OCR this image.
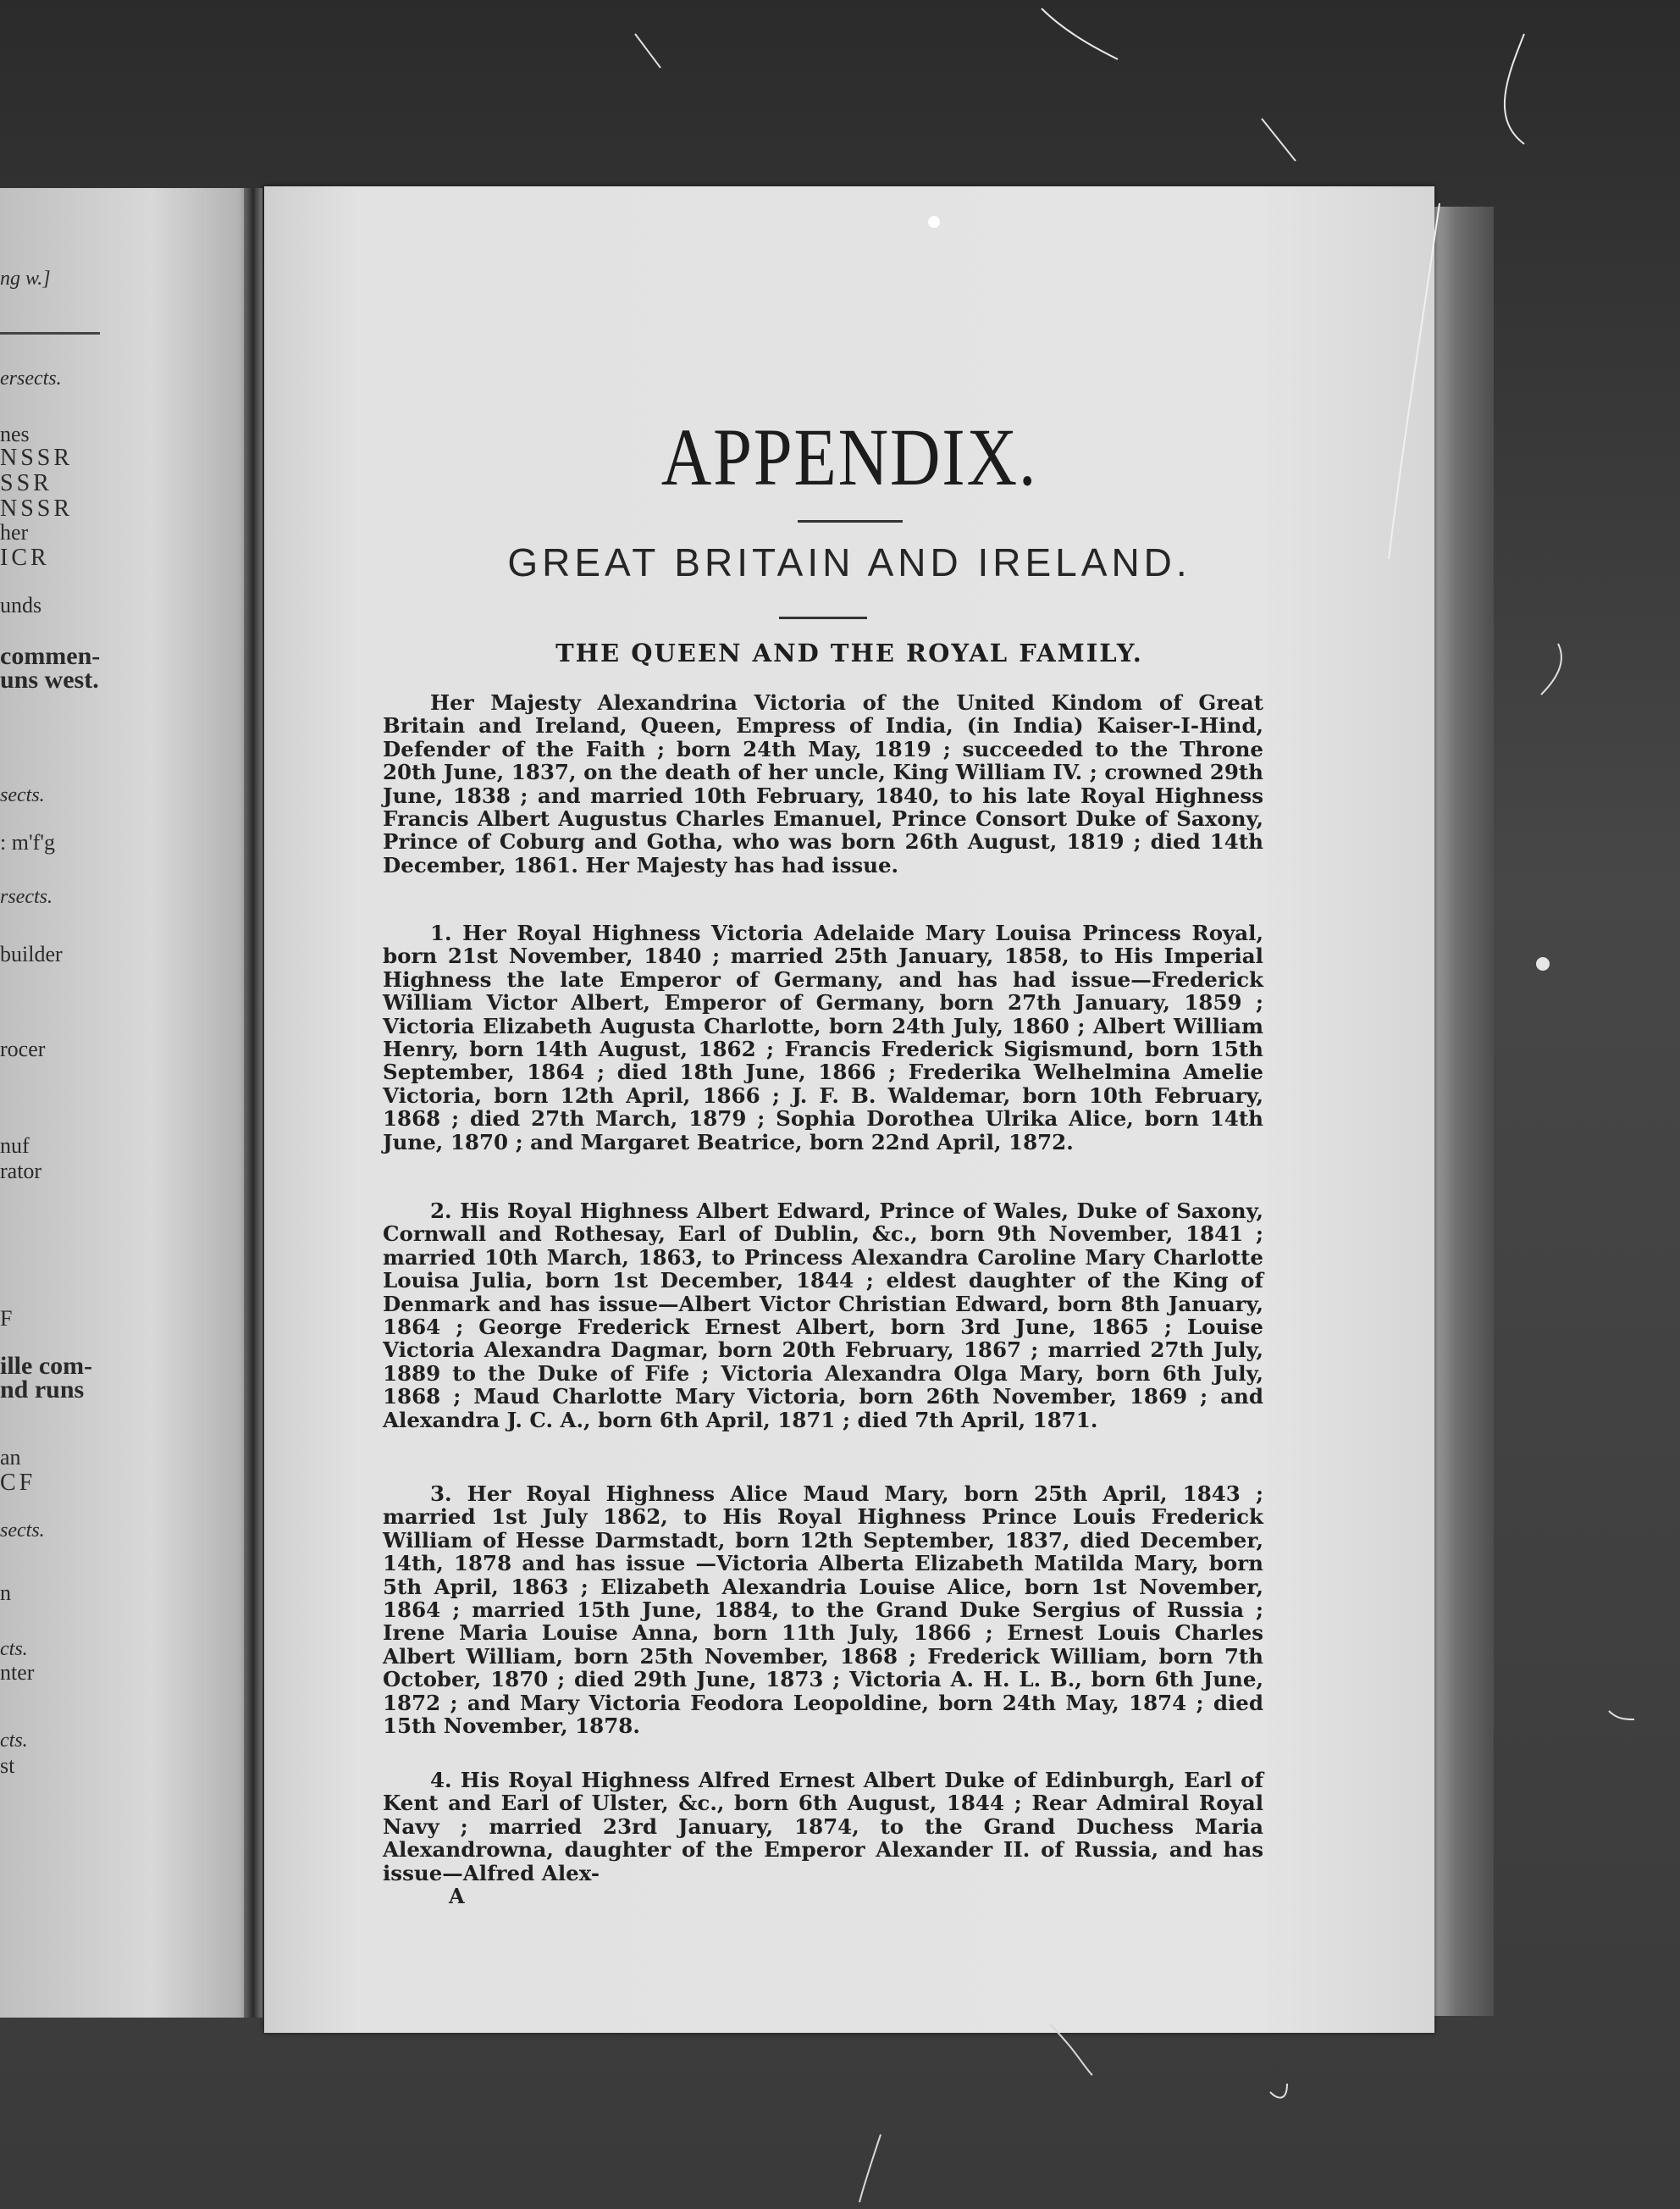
ng w.]
ersects.
nes
NSSR
SSR
NSSR
her
ICR
unds
commen-
uns west.
sects.
: m'f'g
rsects.
builder
rocer
nuf
rator
F
ille com-
nd runs
an
CF
sects.
n
cts.
nter
cts.
st
APPENDIX.
GREAT BRITAIN AND IRELAND.
THE QUEEN AND THE ROYAL FAMILY.
Her Majesty Alexandrina Victoria of the United Kindom of Great Britain and Ireland, Queen, Empress of India, (in India) Kaiser-I-Hind, Defender of the Faith ; born 24th May, 1819 ; succeeded to the Throne 20th June, 1837, on the death of her uncle, King William IV. ; crowned 29th June, 1838 ; and married 10th February, 1840, to his late Royal Highness Francis Albert Augustus Charles Emanuel, Prince Consort Duke of Saxony, Prince of Coburg and Gotha, who was born 26th August, 1819 ; died 14th December, 1861. Her Majesty has had issue.
1. Her Royal Highness Victoria Adelaide Mary Louisa Princess Royal, born 21st November, 1840 ; married 25th January, 1858, to His Imperial Highness the late Emperor of Germany, and has had issue—Frederick William Victor Albert, Emperor of Germany, born 27th January, 1859 ; Victoria Elizabeth Augusta Charlotte, born 24th July, 1860 ; Albert William Henry, born 14th August, 1862 ; Francis Frederick Sigismund, born 15th September, 1864 ; died 18th June, 1866 ; Frederika Welhelmina Amelie Victoria, born 12th April, 1866 ; J. F. B. Waldemar, born 10th February, 1868 ; died 27th March, 1879 ; Sophia Dorothea Ulrika Alice, born 14th June, 1870 ; and Margaret Beatrice, born 22nd April, 1872.
2. His Royal Highness Albert Edward, Prince of Wales, Duke of Saxony, Cornwall and Rothesay, Earl of Dublin, &c., born 9th November, 1841 ; married 10th March, 1863, to Princess Alexandra Caroline Mary Charlotte Louisa Julia, born 1st December, 1844 ; eldest daughter of the King of Denmark and has issue—Albert Victor Christian Edward, born 8th January, 1864 ; George Frederick Ernest Albert, born 3rd June, 1865 ; Louise Victoria Alexandra Dagmar, born 20th February, 1867 ; married 27th July, 1889 to the Duke of Fife ; Victoria Alexandra Olga Mary, born 6th July, 1868 ; Maud Charlotte Mary Victoria, born 26th November, 1869 ; and Alexandra J. C. A., born 6th April, 1871 ; died 7th April, 1871.
3. Her Royal Highness Alice Maud Mary, born 25th April, 1843 ; married 1st July 1862, to His Royal Highness Prince Louis Frederick William of Hesse Darmstadt, born 12th September, 1837, died December, 14th, 1878 and has issue —Victoria Alberta Elizabeth Matilda Mary, born 5th April, 1863 ; Elizabeth Alexandria Louise Alice, born 1st November, 1864 ; married 15th June, 1884, to the Grand Duke Sergius of Russia ; Irene Maria Louise Anna, born 11th July, 1866 ; Ernest Louis Charles Albert William, born 25th November, 1868 ; Frederick William, born 7th October, 1870 ; died 29th June, 1873 ; Victoria A. H. L. B., born 6th June, 1872 ; and Mary Victoria Feodora Leopoldine, born 24th May, 1874 ; died 15th November, 1878.
4. His Royal Highness Alfred Ernest Albert Duke of Edinburgh, Earl of Kent and Earl of Ulster, &c., born 6th August, 1844 ; Rear Admiral Royal Navy ; married 23rd January, 1874, to the Grand Duchess Maria Alexandrowna, daughter of the Emperor Alexander II. of Russia, and has issue—Alfred Alex-
A
